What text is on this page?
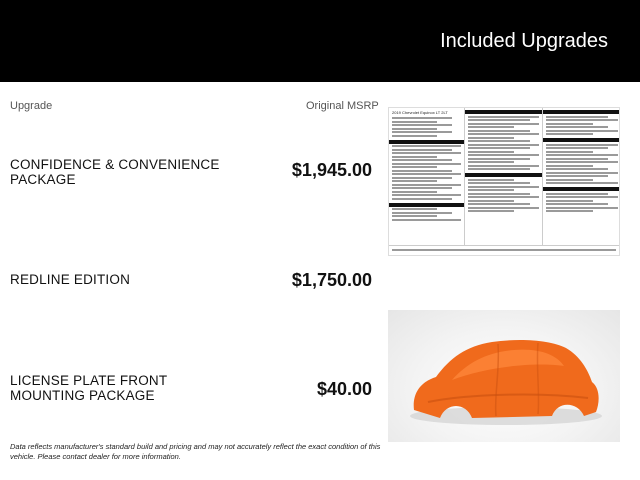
Included Upgrades
Upgrade	Original MSRP
CONFIDENCE & CONVENIENCE PACKAGE	$1,945.00
REDLINE EDITION	$1,750.00
LICENSE PLATE FRONT MOUNTING PACKAGE	$40.00
2019 Chevrolet Equinox LT 2LT
Data reflects manufacturer's standard build and pricing and may not accurately reflect the exact condition of this vehicle. Please contact dealer for more information.
